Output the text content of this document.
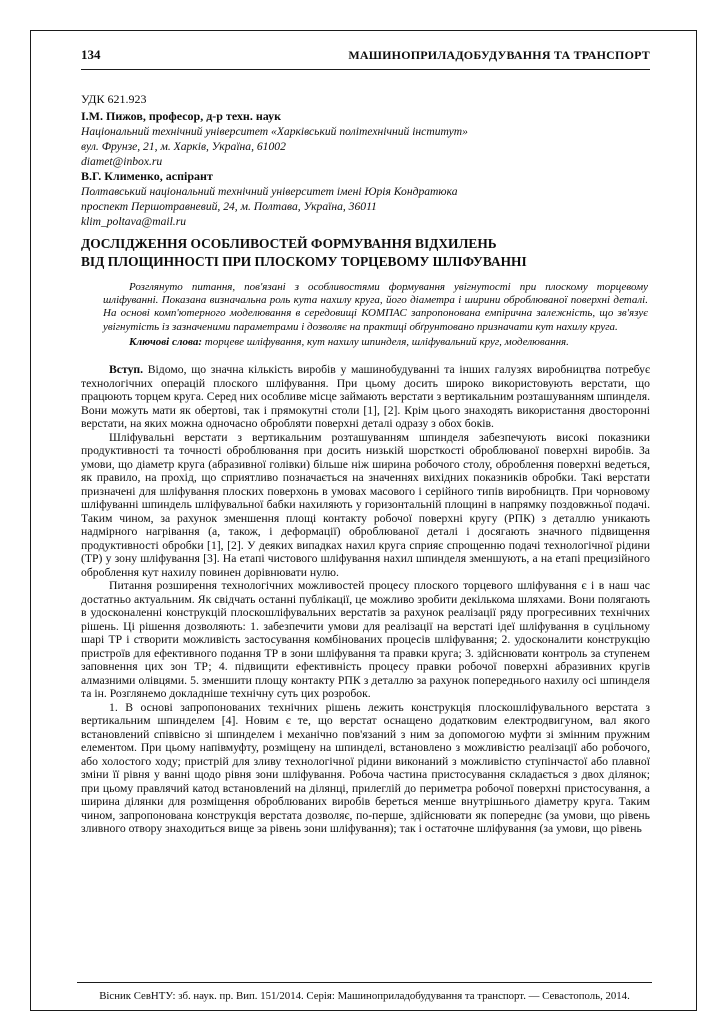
134	МАШИНОПРИЛАДОБУДУВАННЯ ТА ТРАНСПОРТ
УДК 621.923
І.М. Пижов, професор, д-р техн. наук
Національний технічний університет «Харківський політехнічний інститут»
вул. Фрунзе, 21, м. Харків, Україна, 61002
diamet@inbox.ru
В.Г. Клименко, аспірант
Полтавський національний технічний університет імені Юрія Кондратюка
проспект Першотравневий, 24, м. Полтава, Україна, 36011
klim_poltava@mail.ru
ДОСЛІДЖЕННЯ ОСОБЛИВОСТЕЙ ФОРМУВАННЯ ВІДХИЛЕНЬ
ВІД ПЛОЩИННОСТІ ПРИ ПЛОСКОМУ ТОРЦЕВОМУ ШЛІФУВАННІ

Розглянуто питання, пов'язані з особливостями формування увігнутості при плоскому торцевому шліфуванні. Показана визначальна роль кута нахилу круга, його діаметра і ширини оброблюваної поверхні деталі. На основі комп'ютерного моделювання в середовищі КОМПАС запропонована емпірична залежність, що зв'язує увігнутість із зазначеними параметрами і дозволяє на практиці обґрунтовано призначати кут нахилу круга.

Ключові слова: торцеве шліфування, кут нахилу шпинделя, шліфувальний круг, моделювання.

Вступ. Відомо, що значна кількість виробів у машинобудуванні та інших галузях виробництва потребує технологічних операцій плоского шліфування. При цьому досить широко використовують верстати, що працюють торцем круга. Серед них особливе місце займають верстати з вертикальним розташуванням шпинделя. Вони можуть мати як обертові, так і прямокутні столи [1], [2]. Крім цього знаходять використання двосторонні верстати, на яких можна одночасно обробляти поверхні деталі одразу з обох боків.

Шліфувальні верстати з вертикальним розташуванням шпинделя забезпечують високі показники продуктивності та точності оброблювання при досить низькій шорсткості оброблюваної поверхні виробів. За умови, що діаметр круга (абразивної голівки) більше ніж ширина робочого столу, оброблення поверхні ведеться, як правило, на прохід, що сприятливо позначається на значеннях вихідних показників обробки. Такі верстати призначені для шліфування плоских поверхонь в умовах масового і серійного типів виробництв. При чорновому шліфуванні шпиндель шліфувальної бабки нахиляють у горизонтальній площині в напрямку поздовжньої подачі. Таким чином, за рахунок зменшення площі контакту робочої поверхні кругу (РПК) з деталлю уникають надмірного нагрівання (а, також, і деформації) оброблюваної деталі і досягають значного підвищення продуктивності обробки [1], [2]. У деяких випадках нахил круга сприяє спрощенню подачі технологічної рідини (ТР) у зону шліфування [3]. На етапі чистового шліфування нахил шпинделя зменшують, а на етапі прецизійного оброблення кут нахилу повинен дорівнювати нулю.

Питання розширення технологічних можливостей процесу плоского торцевого шліфування є і в наш час достатньо актуальним. Як свідчать останні публікації, це можливо зробити декількома шляхами. Вони полягають в удосконаленні конструкцій плоскошліфувальних верстатів за рахунок реалізації ряду прогресивних технічних рішень. Ці рішення дозволяють: 1. забезпечити умови для реалізації на верстаті ідеї шліфування в суцільному шарі ТР і створити можливість застосування комбінованих процесів шліфування; 2. удосконалити конструкцію пристроїв для ефективного подання ТР в зони шліфування та правки круга; 3. здійснювати контроль за ступенем заповнення цих зон ТР; 4. підвищити ефективність процесу правки робочої поверхні абразивних кругів алмазними олівцями. 5. зменшити площу контакту РПК з деталлю за рахунок попереднього нахилу осі шпинделя та ін. Розглянемо докладніше технічну суть цих розробок.

1. В основі запропонованих технічних рішень лежить конструкція плоскошліфувального верстата з вертикальним шпинделем [4]. Новим є те, що верстат оснащено додатковим електродвигуном, вал якого встановлений співвісно зі шпинделем і механічно пов'язаний з ним за допомогою муфти зі змінним пружним елементом. При цьому напівмуфту, розміщену на шпинделі, встановлено з можливістю реалізації або робочого, або холостого ходу; пристрій для зливу технологічної рідини виконаний з можливістю ступінчастої або плавної зміни її рівня у ванні щодо рівня зони шліфування. Робоча частина пристосування складається з двох ділянок; при цьому правлячий катод встановлений на ділянці, прилеглій до периметра робочої поверхні пристосування, а ширина ділянки для розміщення оброблюваних виробів береться менше внутрішнього діаметру круга. Таким чином, запропонована конструкція верстата дозволяє, по-перше, здійснювати як попереднє (за умови, що рівень зливного отвору знаходиться вище за рівень зони шліфування); так і остаточне шліфування (за умови, що рівень

Вісник СевНТУ: зб. наук. пр. Вип. 151/2014. Серія: Машиноприладобудування та транспорт. — Севастополь, 2014.
